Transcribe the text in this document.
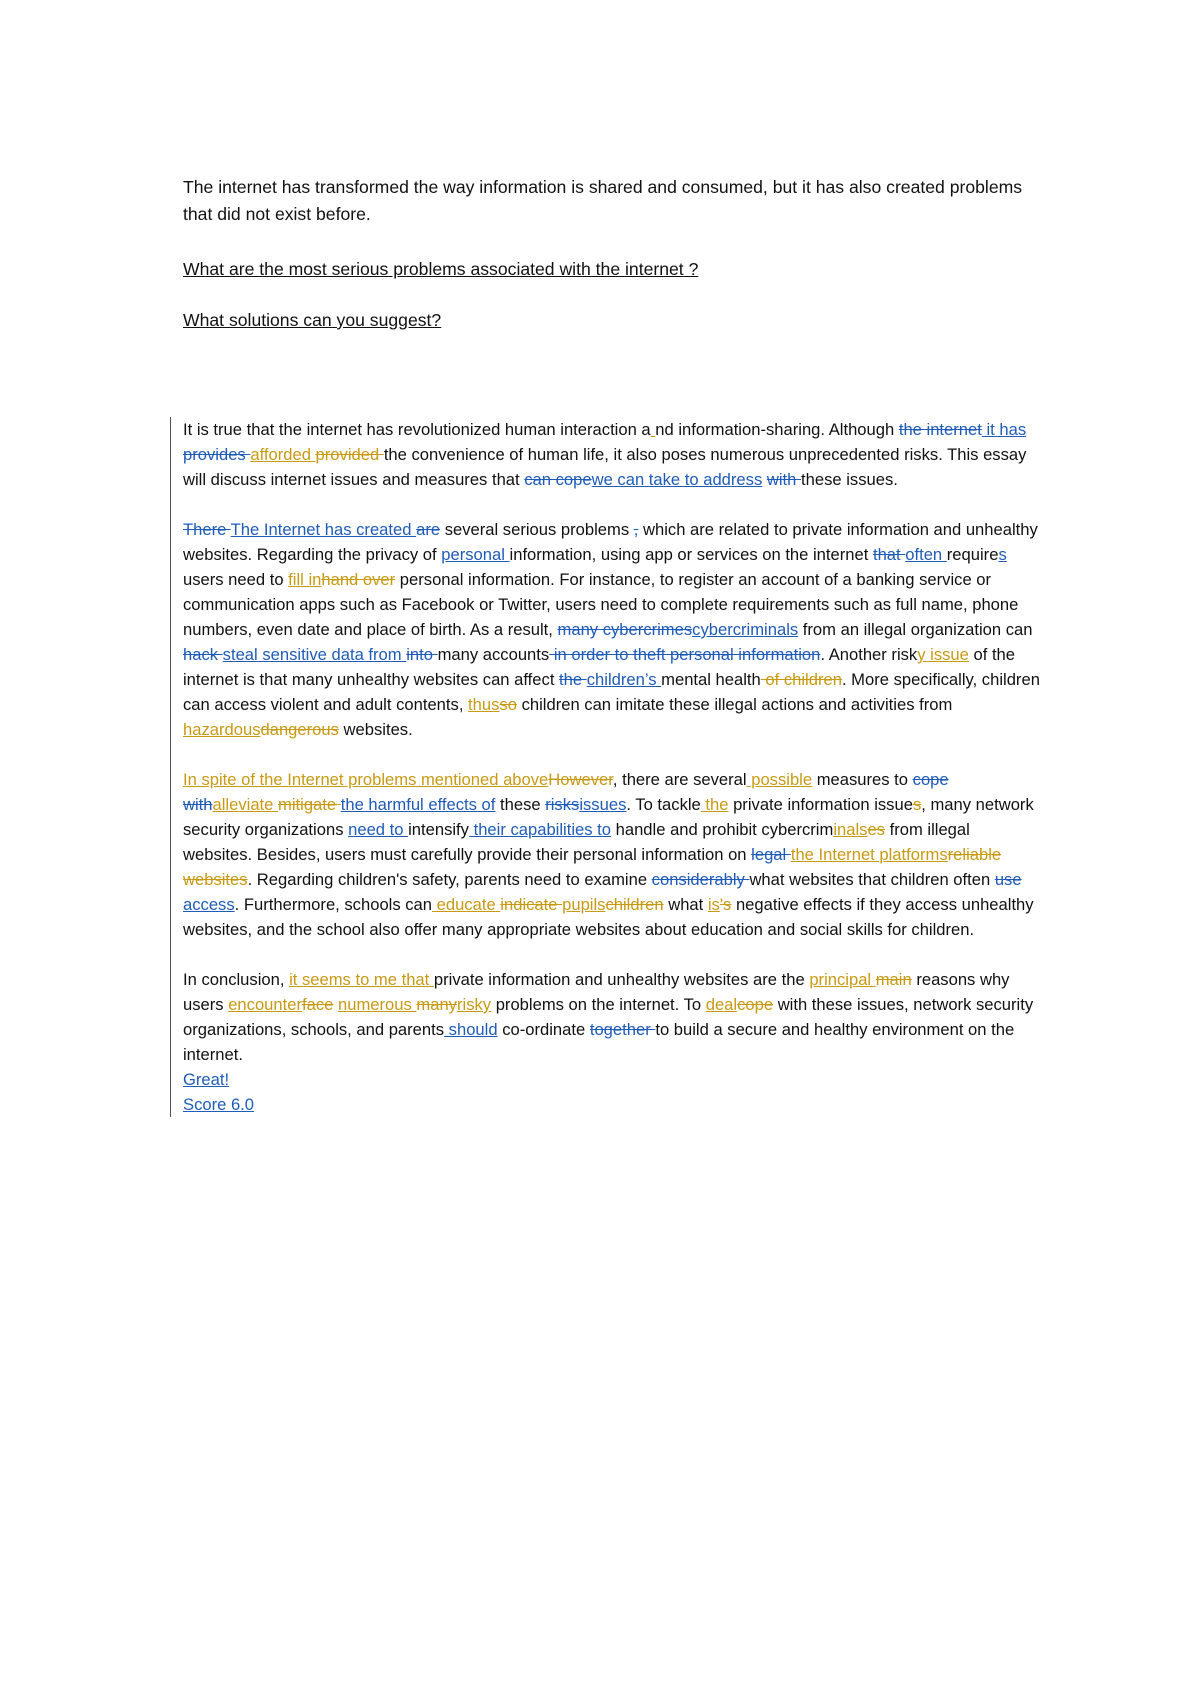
The internet has transformed the way information is shared and consumed, but it has also created problems that did not exist before.

What are the most serious problems associated with the internet ?

What solutions can you suggest?

It is true that the internet has revolutionized human interaction a nd information-sharing. Although the internet it has provides afforded provided the convenience of human life, it also poses numerous unprecedented risks. This essay will discuss internet issues and measures that can copewe can take to address with these issues.

There The Internet has created are several serious problems , which are related to private information and unhealthy websites. Regarding the privacy of personal information, using app or services on the internet that often requires users need to fill inhand over personal information. For instance, to register an account of a banking service or communication apps such as Facebook or Twitter, users need to complete requirements such as full name, phone numbers, even date and place of birth. As a result, many cybercrimescybercriminals from an illegal organization can hack steal sensitive data from into many accounts in order to theft personal information. Another risky issue of the internet is that many unhealthy websites can affect the children’s mental health of children. More specifically, children can access violent and adult contents, thusso children can imitate these illegal actions and activities from hazardousdangerous websites.

In spite of the Internet problems mentioned aboveHowever, there are several possible measures to cope withalleviate mitigate the harmful effects of these risksissues. To tackle the private information issues, many network security organizations need to intensify their capabilities to handle and prohibit cybercriminalses from illegal websites. Besides, users must carefully provide their personal information on legal the Internet platformsreliable websites. Regarding children's safety, parents need to examine considerably what websites that children often use access. Furthermore, schools can educate indicate pupilschildren what is's negative effects if they access unhealthy websites, and the school also offer many appropriate websites about education and social skills for children.

In conclusion, it seems to me that private information and unhealthy websites are the principal main reasons why users encounterface numerous manyrisky problems on the internet. To dealcope with these issues, network security organizations, schools, and parents should co-ordinate together to build a secure and healthy environment on the internet.

Great!

Score 6.0
